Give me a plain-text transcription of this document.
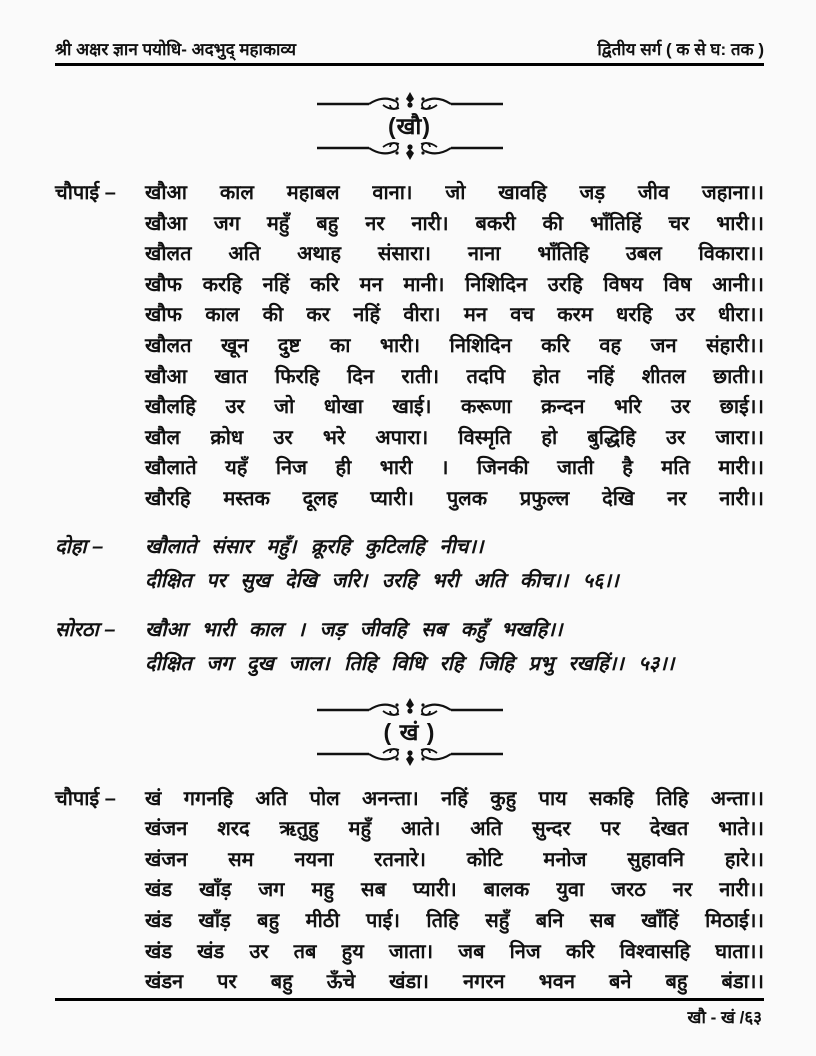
श्री अक्षर ज्ञान पयोधि- अदभुद् महाकाव्य	द्वितीय सर्ग ( क से घ: तक )
(खौ)
चौपाई –	खौआ काल महाबल वाना। जो खावहि जड़ जीव जहाना।।
खौआ जग महुँ बहु नर नारी। बकरी की भाँतिहिं चर भारी।।
खौलत अति अथाह संसारा। नाना भाँतिहि उबल विकारा।।
खौफ करहि नहिं करि मन मानी। निशिदिन उरहि विषय विष आनी।।
खौफ काल की कर नहिं वीरा। मन वच करम धरहि उर धीरा।।
खौलत खून दुष्ट का भारी। निशिदिन करि वह जन संहारी।।
खौआ खात फिरहि दिन राती। तदपि होत नहिं शीतल छाती।।
खौलहि उर जो धोखा खाई। करूणा क्रन्दन भरि उर छाई।।
खौल क्रोध उर भरे अपारा। विस्मृति हो बुद्धिहि उर जारा।।
खौलाते यहँ निज ही भारी । जिनकी जाती है मति मारी।।
खौरहि मस्तक दूलह प्यारी। पुलक प्रफुल्ल देखि नर नारी।।
दोहा –	खौलाते संसार महुँ। क्रूरहि कुटिलहि नीच।।
दीक्षित पर सुख देखि जरि। उरहि भरी अति कीच।। ५६।।
सोरठा –	खौआ भारी काल । जड़ जीवहि सब कहुँ भखहि।।
दीक्षित जग दुख जाल। तिहि विधि रहि जिहि प्रभु रखहिं।। ५३।।
( खं )
चौपाई –	खं गगनहि अति पोल अनन्ता। नहिं कुहु पाय सकहि तिहि अन्ता।।
खंजन शरद ऋतुहु महुँ आते। अति सुन्दर पर देखत भाते।।
खंजन सम नयना रतनारे। कोटि मनोज सुहावनि हारे।।
खंड खाँड़ जग महु सब प्यारी। बालक युवा जरठ नर नारी।।
खंड खाँड़ बहु मीठी पाई। तिहि सहुँ बनि सब खाँहिं मिठाई।।
खंड खंड उर तब हुय जाता। जब निज करि विश्वासहि घाता।।
खंडन पर बहु ऊँचे खंडा। नगरन भवन बने बहु बंडा।।
खौ - खं /६३
